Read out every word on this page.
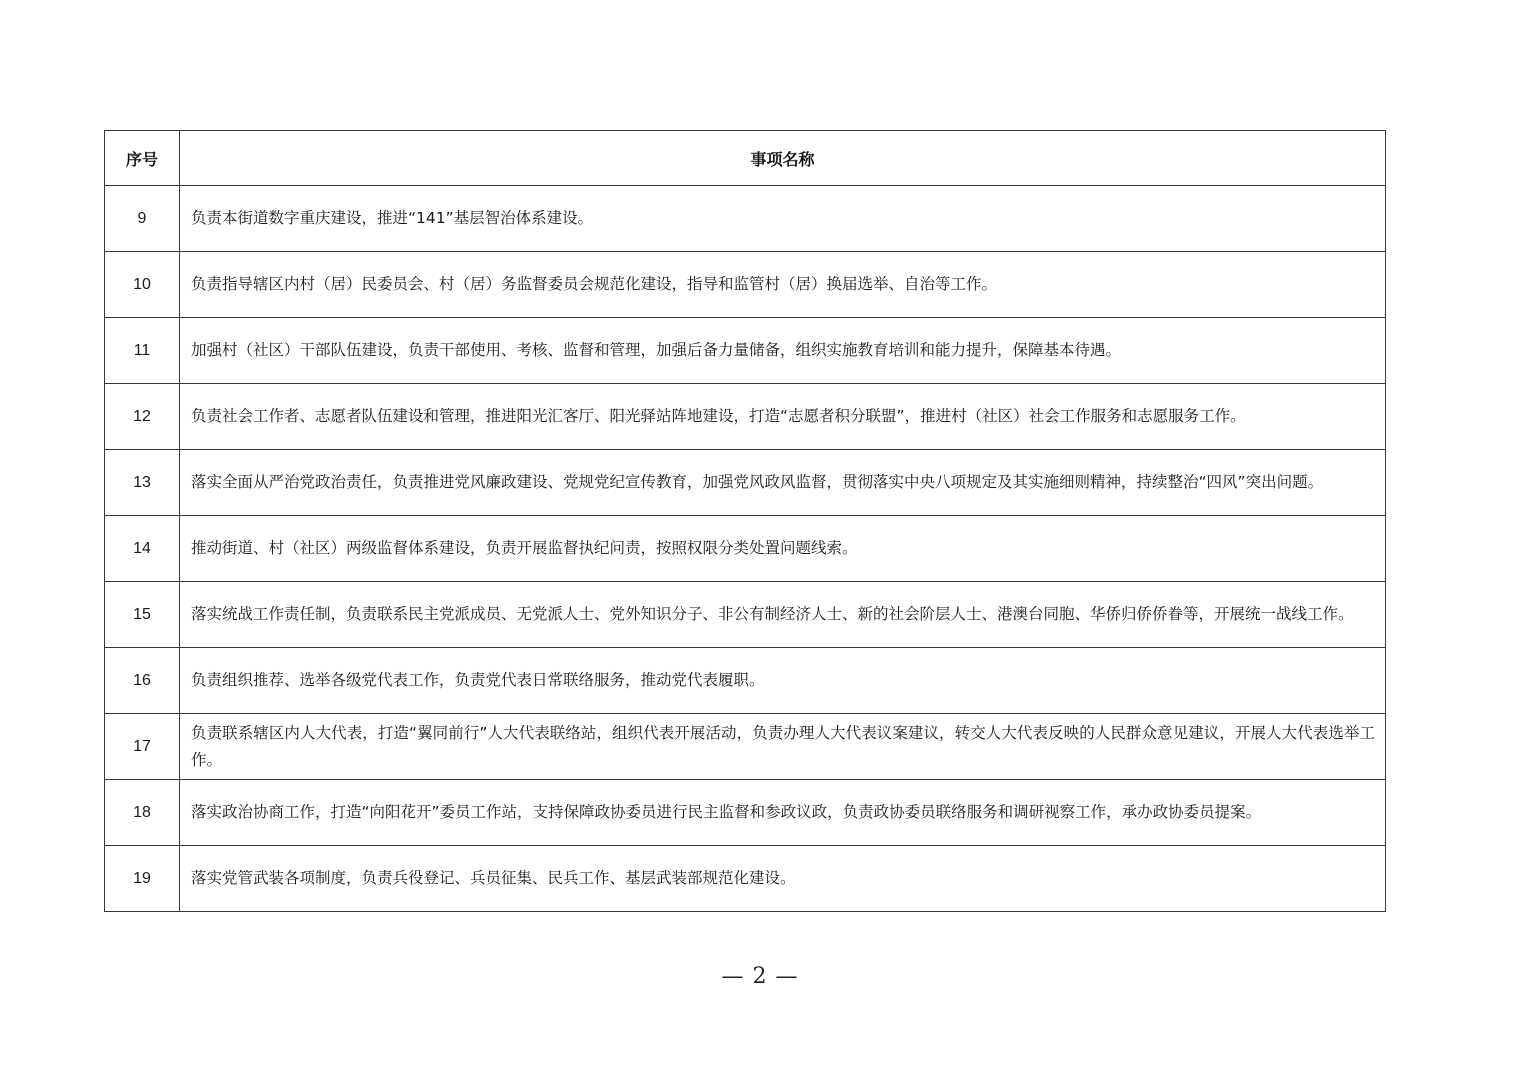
序号	事项名称
9	负责本街道数字重庆建设，推进“141”基层智治体系建设。
10	负责指导辖区内村（居）民委员会、村（居）务监督委员会规范化建设，指导和监管村（居）换届选举、自治等工作。
11	加强村（社区）干部队伍建设，负责干部使用、考核、监督和管理，加强后备力量储备，组织实施教育培训和能力提升，保障基本待遇。
12	负责社会工作者、志愿者队伍建设和管理，推进阳光汇客厅、阳光驿站阵地建设，打造“志愿者积分联盟”，推进村（社区）社会工作服务和志愿服务工作。
13	落实全面从严治党政治责任，负责推进党风廉政建设、党规党纪宣传教育，加强党风政风监督，贯彻落实中央八项规定及其实施细则精神，持续整治“四风”突出问题。
14	推动街道、村（社区）两级监督体系建设，负责开展监督执纪问责，按照权限分类处置问题线索。
15	落实统战工作责任制，负责联系民主党派成员、无党派人士、党外知识分子、非公有制经济人士、新的社会阶层人士、港澳台同胞、华侨归侨侨眷等，开展统一战线工作。
16	负责组织推荐、选举各级党代表工作，负责党代表日常联络服务，推动党代表履职。
17	负责联系辖区内人大代表，打造“翼同前行”人大代表联络站，组织代表开展活动，负责办理人大代表议案建议，转交人大代表反映的人民群众意见建议，开展人大代表选举工作。
18	落实政治协商工作，打造“向阳花开”委员工作站，支持保障政协委员进行民主监督和参政议政，负责政协委员联络服务和调研视察工作，承办政协委员提案。
19	落实党管武装各项制度，负责兵役登记、兵员征集、民兵工作、基层武装部规范化建设。
— 2 —
